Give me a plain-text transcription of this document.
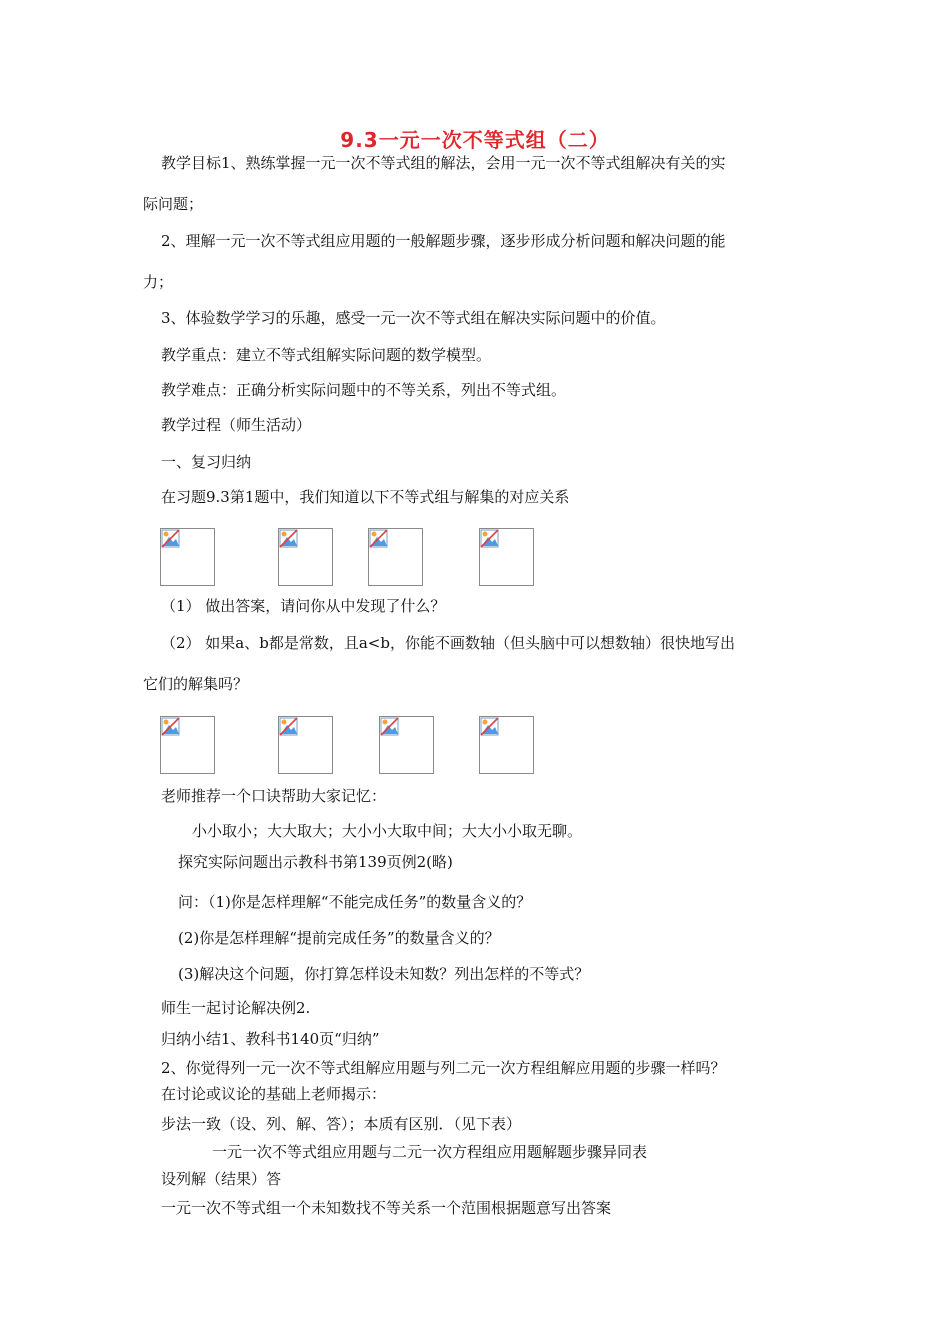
9.3一元一次不等式组（二）
教学目标1、熟练掌握一元一次不等式组的解法，会用一元一次不等式组解决有关的实
际问题；
2、理解一元一次不等式组应用题的一般解题步骤，逐步形成分析问题和解决问题的能
力；
3、体验数学学习的乐趣，感受一元一次不等式组在解决实际问题中的价值。
教学重点：建立不等式组解实际问题的数学模型。
教学难点：正确分析实际问题中的不等关系，列出不等式组。
教学过程（师生活动）
一、复习归纳
在习题9.3第1题中，我们知道以下不等式组与解集的对应关系
（1） 做出答案，请问你从中发现了什么？
（2） 如果a、b都是常数，且a<b，你能不画数轴（但头脑中可以想数轴）很快地写出
它们的解集吗？
老师推荐一个口诀帮助大家记忆：
小小取小；大大取大；大小小大取中间；大大小小取无聊。
探究实际问题出示教科书第139页例2(略)
问：（1)你是怎样理解“不能完成任务”的数量含义的？
(2)你是怎样理解“提前完成任务”的数量含义的？
(3)解决这个问题，你打算怎样设未知数？列出怎样的不等式？
师生一起讨论解决例2.
归纳小结1、教科书140页“归纳”
2、你觉得列一元一次不等式组解应用题与列二元一次方程组解应用题的步骤一样吗？
在讨论或议论的基础上老师揭示：
步法一致（设、列、解、答）；本质有区别．（见下表）
一元一次不等式组应用题与二元一次方程组应用题解题步骤异同表
设列解（结果）答
一元一次不等式组一个未知数找不等关系一个范围根据题意写出答案
